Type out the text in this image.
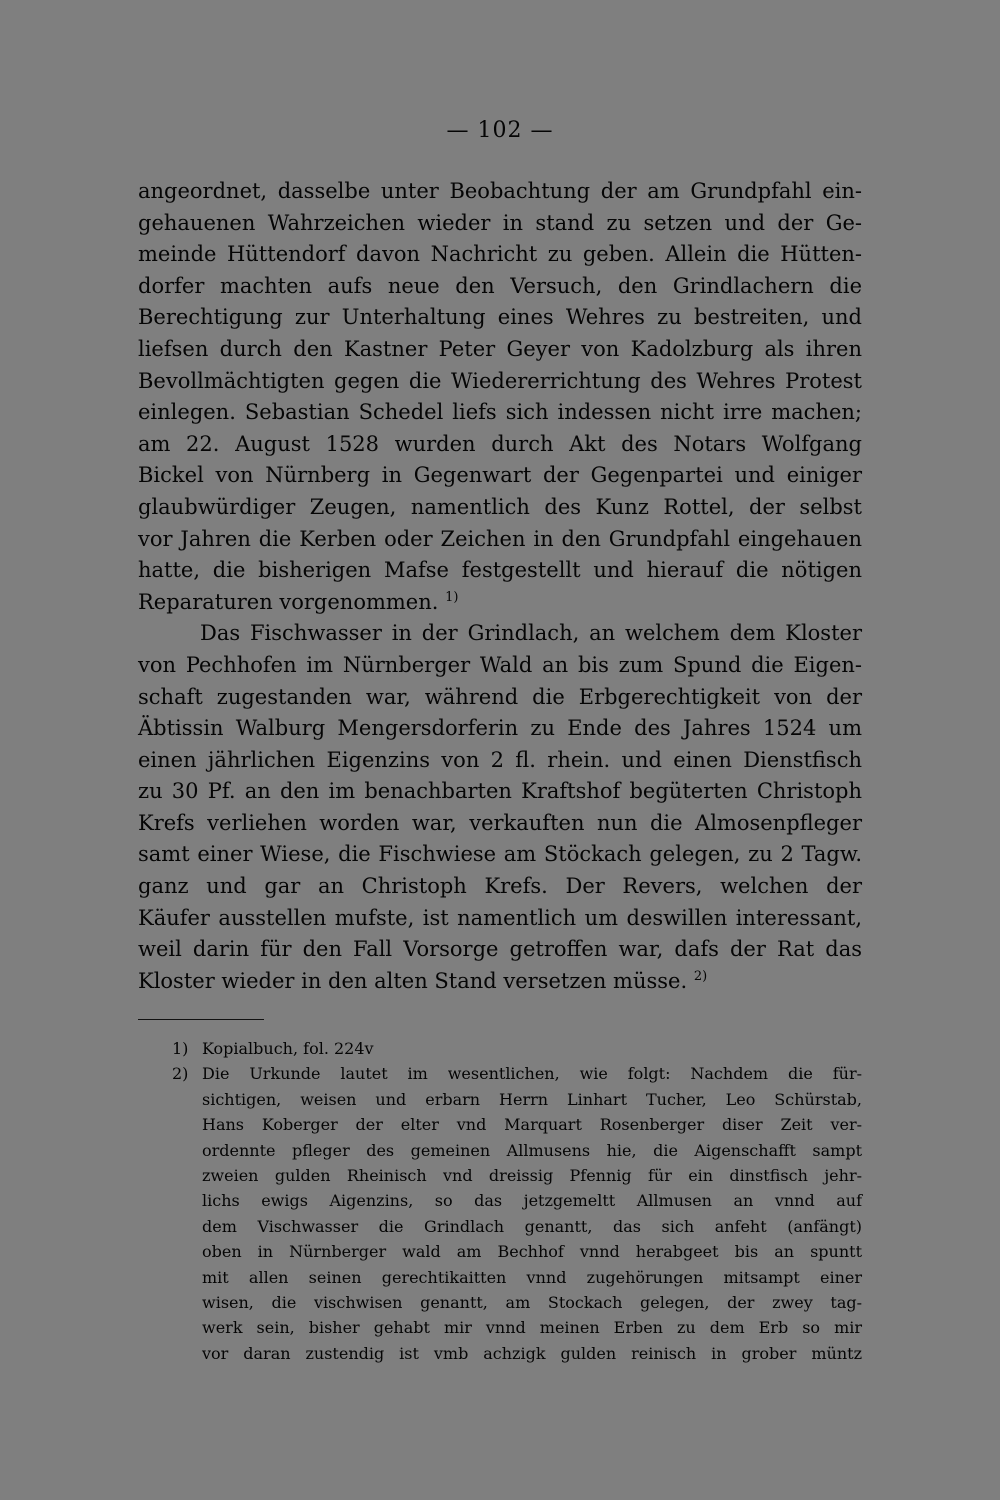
— 102 —
angeordnet, dasselbe unter Beobachtung der am Grundpfahl ein-
gehauenen Wahrzeichen wieder in stand zu setzen und der Ge-
meinde Hüttendorf davon Nachricht zu geben. Allein die Hütten-
dorfer machten aufs neue den Versuch, den Grindlachern die
Berechtigung zur Unterhaltung eines Wehres zu bestreiten, und
liefsen durch den Kastner Peter Geyer von Kadolzburg als ihren
Bevollmächtigten gegen die Wiedererrichtung des Wehres Protest
einlegen. Sebastian Schedel liefs sich indessen nicht irre machen;
am 22. August 1528 wurden durch Akt des Notars Wolfgang
Bickel von Nürnberg in Gegenwart der Gegenpartei und einiger
glaubwürdiger Zeugen, namentlich des Kunz Rottel, der selbst
vor Jahren die Kerben oder Zeichen in den Grundpfahl eingehauen
hatte, die bisherigen Mafse festgestellt und hierauf die nötigen
Reparaturen vorgenommen. $^{1)}$
Das Fischwasser in der Grindlach, an welchem dem Kloster
von Pechhofen im Nürnberger Wald an bis zum Spund die Eigen-
schaft zugestanden war, während die Erbgerechtigkeit von der
Äbtissin Walburg Mengersdorferin zu Ende des Jahres 1524 um
einen jährlichen Eigenzins von 2 fl. rhein. und einen Dienstfisch
zu 30 Pf. an den im benachbarten Kraftshof begüterten Christoph
Krefs verliehen worden war, verkauften nun die Almosenpfleger
samt einer Wiese, die Fischwiese am Stöckach gelegen, zu 2 Tagw.
ganz und gar an Christoph Krefs. Der Revers, welchen der
Käufer ausstellen mufste, ist namentlich um deswillen interessant,
weil darin für den Fall Vorsorge getroffen war, dafs der Rat das
Kloster wieder in den alten Stand versetzen müsse. $^{2)}$
1) Kopialbuch, fol. 224v
2) Die Urkunde lautet im wesentlichen, wie folgt: Nachdem die für-
sichtigen, weisen und erbarn Herrn Linhart Tucher, Leo Schürstab,
Hans Koberger der elter vnd Marquart Rosenberger diser Zeit ver-
ordennte pfleger des gemeinen Allmusens hie, die Aigenschafft sampt
zweien gulden Rheinisch vnd dreissig Pfennig für ein dinstfisch jehr-
lichs ewigs Aigenzins, so das jetzgemeltt Allmusen an vnnd auf
dem Vischwasser die Grindlach genantt, das sich anfeht (anfängt)
oben in Nürnberger wald am Bechhof vnnd herabgeet bis an spuntt
mit allen seinen gerechtikaitten vnnd zugehörungen mitsampt einer
wisen, die vischwisen genantt, am Stockach gelegen, der zwey tag-
werk sein, bisher gehabt mir vnnd meinen Erben zu dem Erb so mir
vor daran zustendig ist vmb achzigk gulden reinisch in grober müntz
